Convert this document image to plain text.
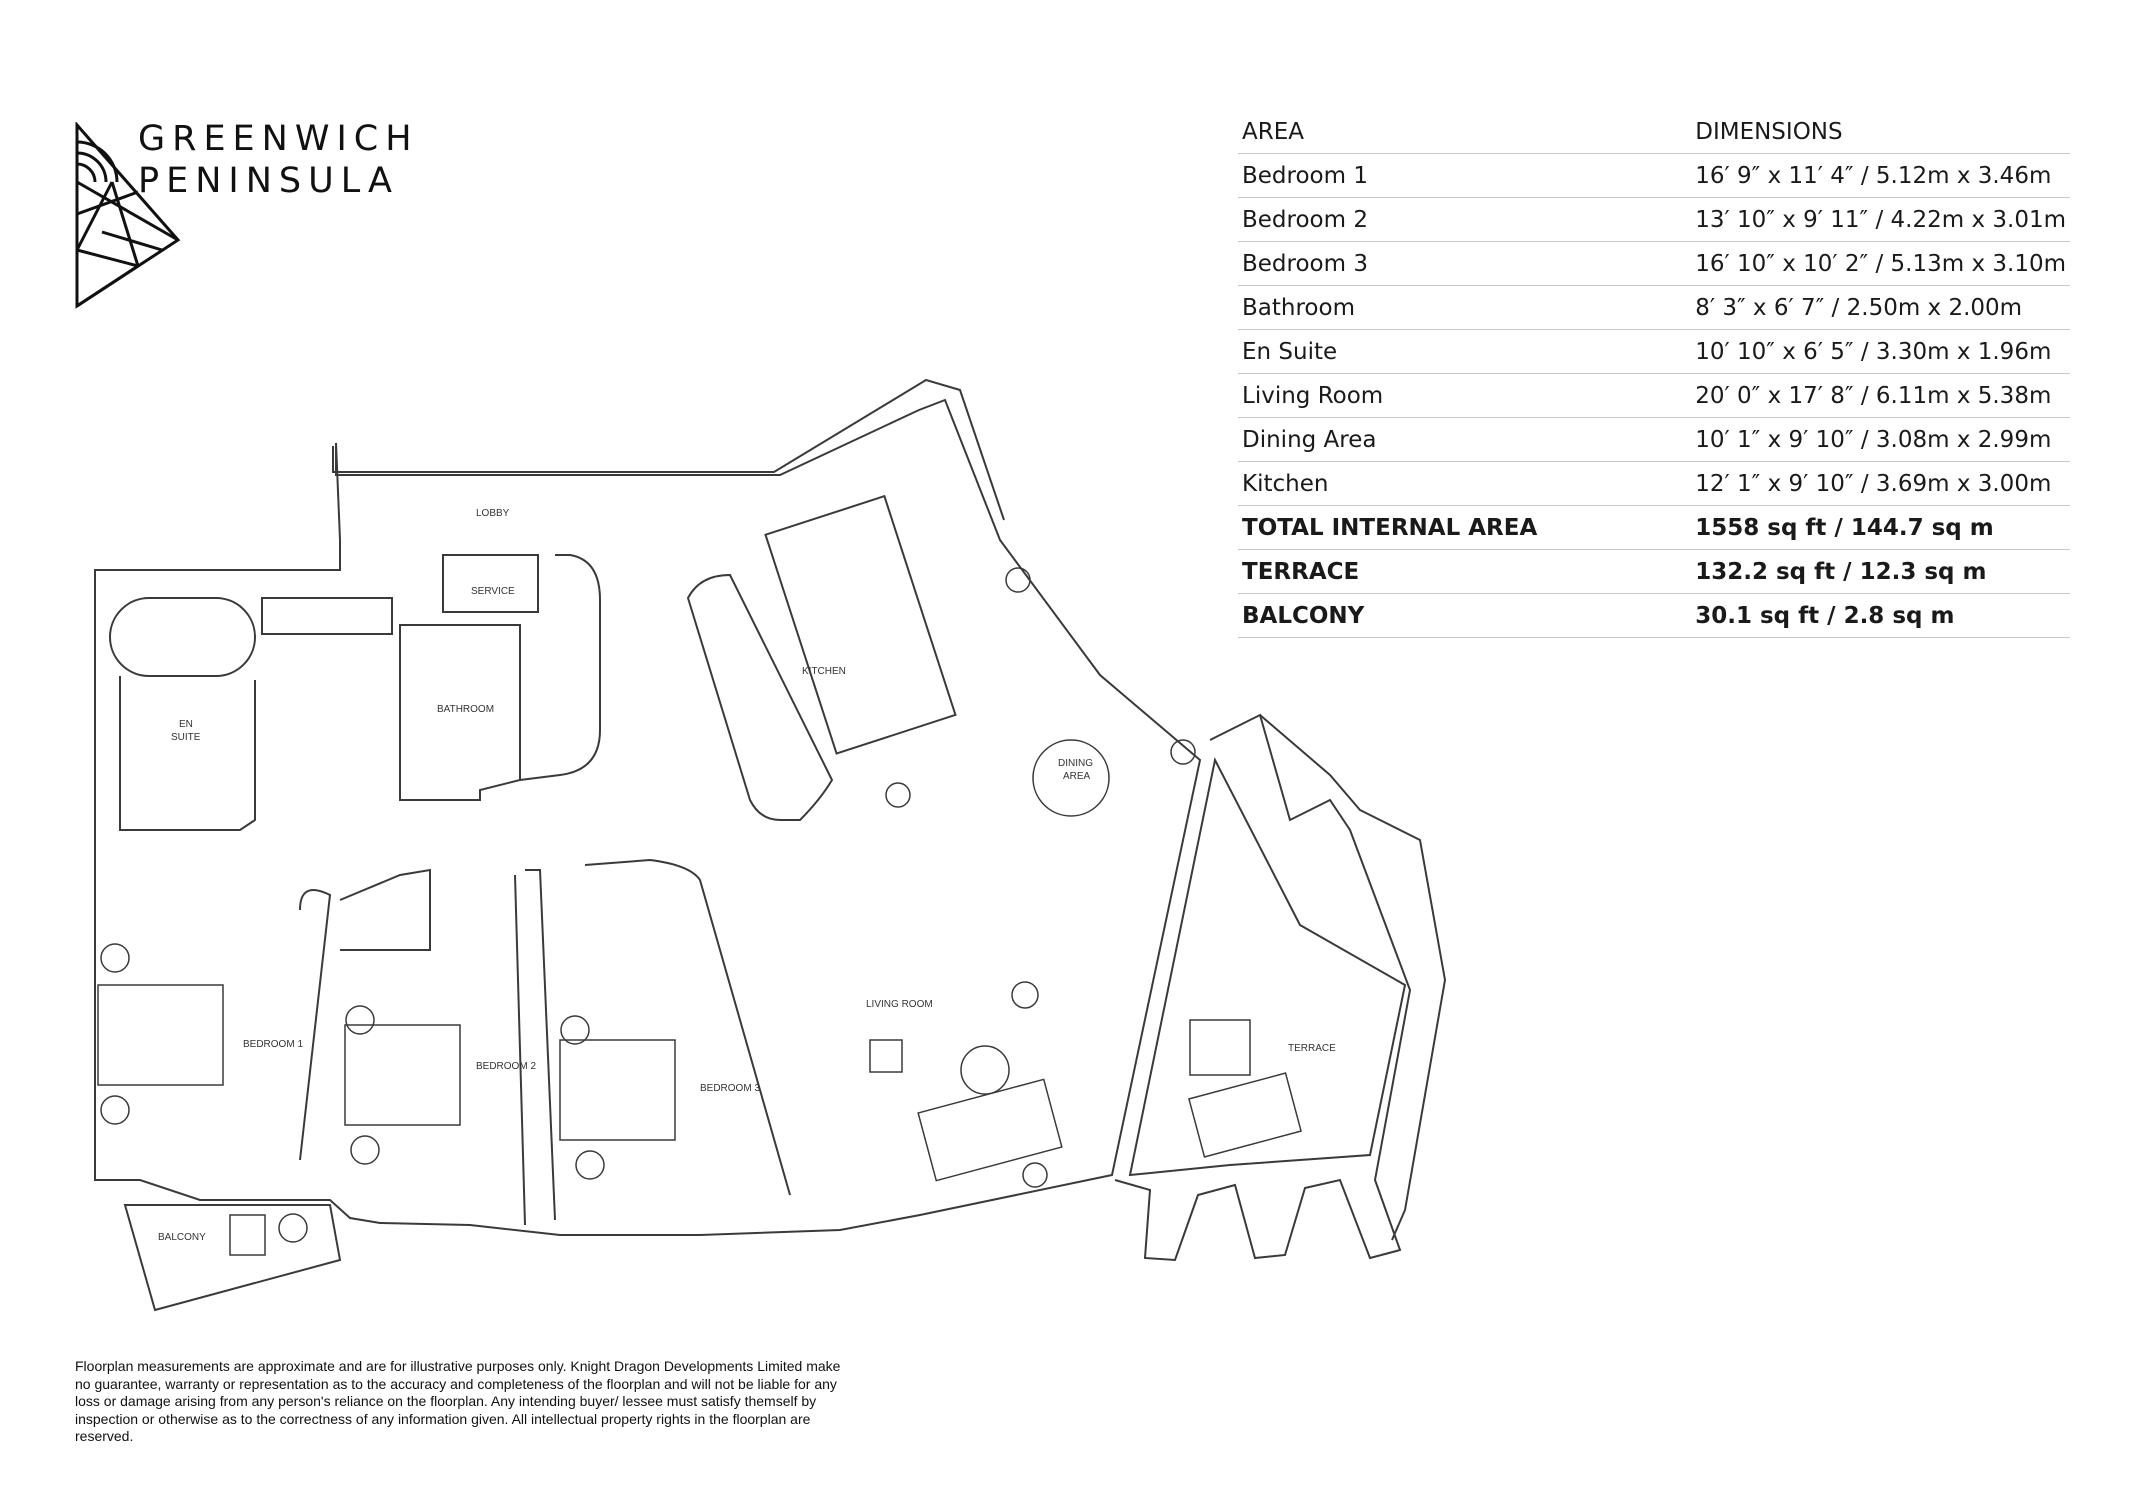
GREENWICH
PENINSULA
AREA	DIMENSIONS
Bedroom 1	16′ 9″ x 11′ 4″ / 5.12m x 3.46m
Bedroom 2	13′ 10″ x 9′ 11″ / 4.22m x 3.01m
Bedroom 3	16′ 10″ x 10′ 2″ / 5.13m x 3.10m
Bathroom	8′ 3″ x 6′ 7″ / 2.50m x 2.00m
En Suite	10′ 10″ x 6′ 5″ / 3.30m x 1.96m
Living Room	20′ 0″ x 17′ 8″ / 6.11m x 5.38m
Dining Area	10′ 1″ x 9′ 10″ / 3.08m x 2.99m
Kitchen	12′ 1″ x 9′ 10″ / 3.69m x 3.00m
TOTAL INTERNAL AREA	1558 sq ft / 144.7 sq m
TERRACE	132.2 sq ft / 12.3 sq m
BALCONY	30.1 sq ft / 2.8 sq m
LOBBY
SERVICE
EN
SUITE
BATHROOM
KITCHEN
DINING
AREA
LIVING ROOM
BEDROOM 1
BEDROOM 2
BEDROOM 3
TERRACE
BALCONY
Floorplan measurements are approximate and are for illustrative purposes only. Knight Dragon Developments Limited make no guarantee, warranty or representation as to the accuracy and completeness of the floorplan and will not be liable for any loss or damage arising from any person's reliance on the floorplan. Any intending buyer/ lessee must satisfy themself by inspection or otherwise as to the correctness of any information given. All intellectual property rights in the floorplan are reserved.
